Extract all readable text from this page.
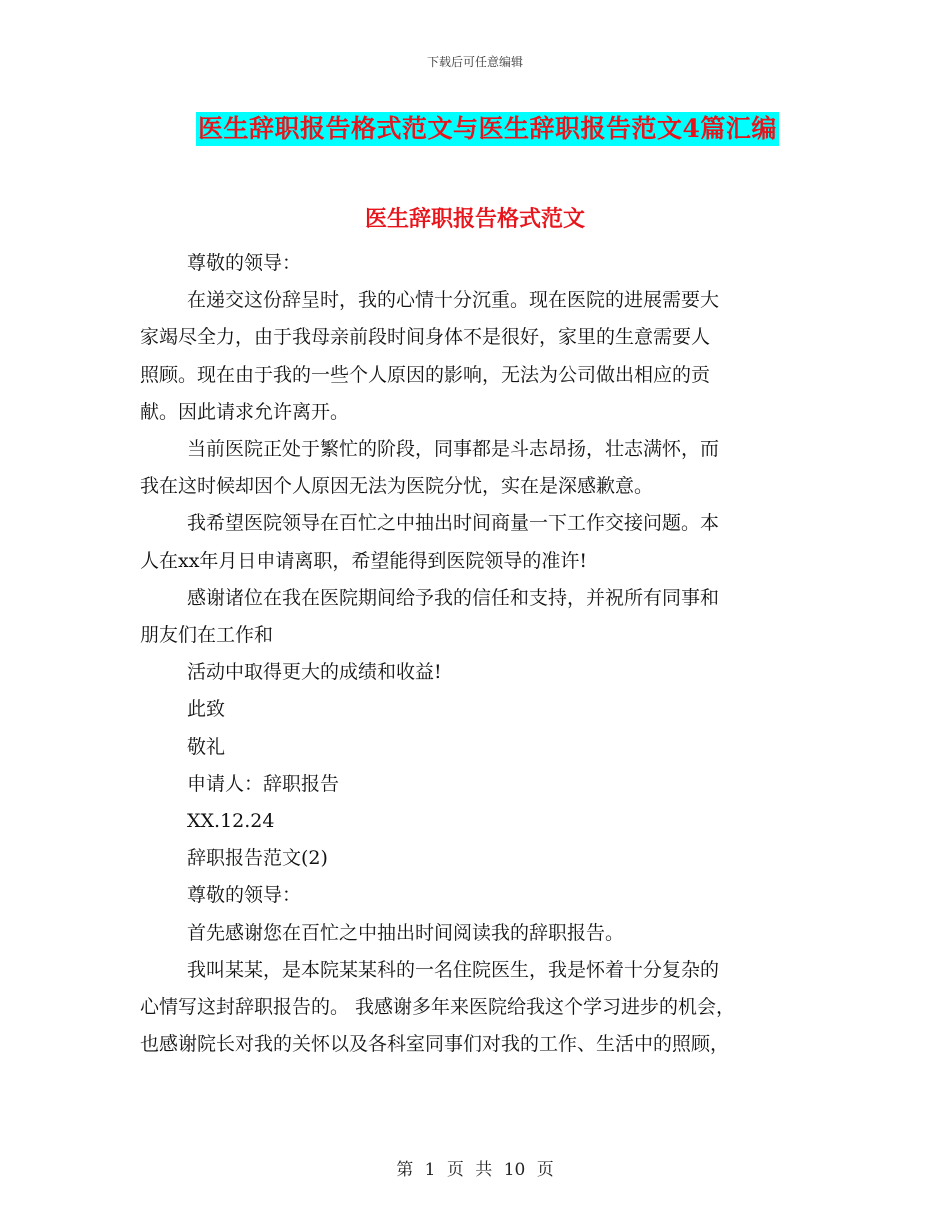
下载后可任意编辑
医生辞职报告格式范文与医生辞职报告范文4篇汇编
医生辞职报告格式范文

尊敬的领导：

在递交这份辞呈时，我的心情十分沉重。现在医院的进展需要大

家竭尽全力，由于我母亲前段时间身体不是很好，家里的生意需要人

照顾。现在由于我的一些个人原因的影响，无法为公司做出相应的贡

献。因此请求允许离开。

当前医院正处于繁忙的阶段，同事都是斗志昂扬，壮志满怀，而

我在这时候却因个人原因无法为医院分忧，实在是深感歉意。

我希望医院领导在百忙之中抽出时间商量一下工作交接问题。本

人在xx年月日申请离职，希望能得到医院领导的准许!

感谢诸位在我在医院期间给予我的信任和支持，并祝所有同事和

朋友们在工作和

活动中取得更大的成绩和收益!

此致

敬礼

申请人：辞职报告

XX.12.24

辞职报告范文(2)

尊敬的领导：

首先感谢您在百忙之中抽出时间阅读我的辞职报告。

我叫某某，是本院某某科的一名住院医生，我是怀着十分复杂的

心情写这封辞职报告的。 我感谢多年来医院给我这个学习进步的机会，

也感谢院长对我的关怀以及各科室同事们对我的工作、生活中的照顾，

第 1 页 共 10 页
